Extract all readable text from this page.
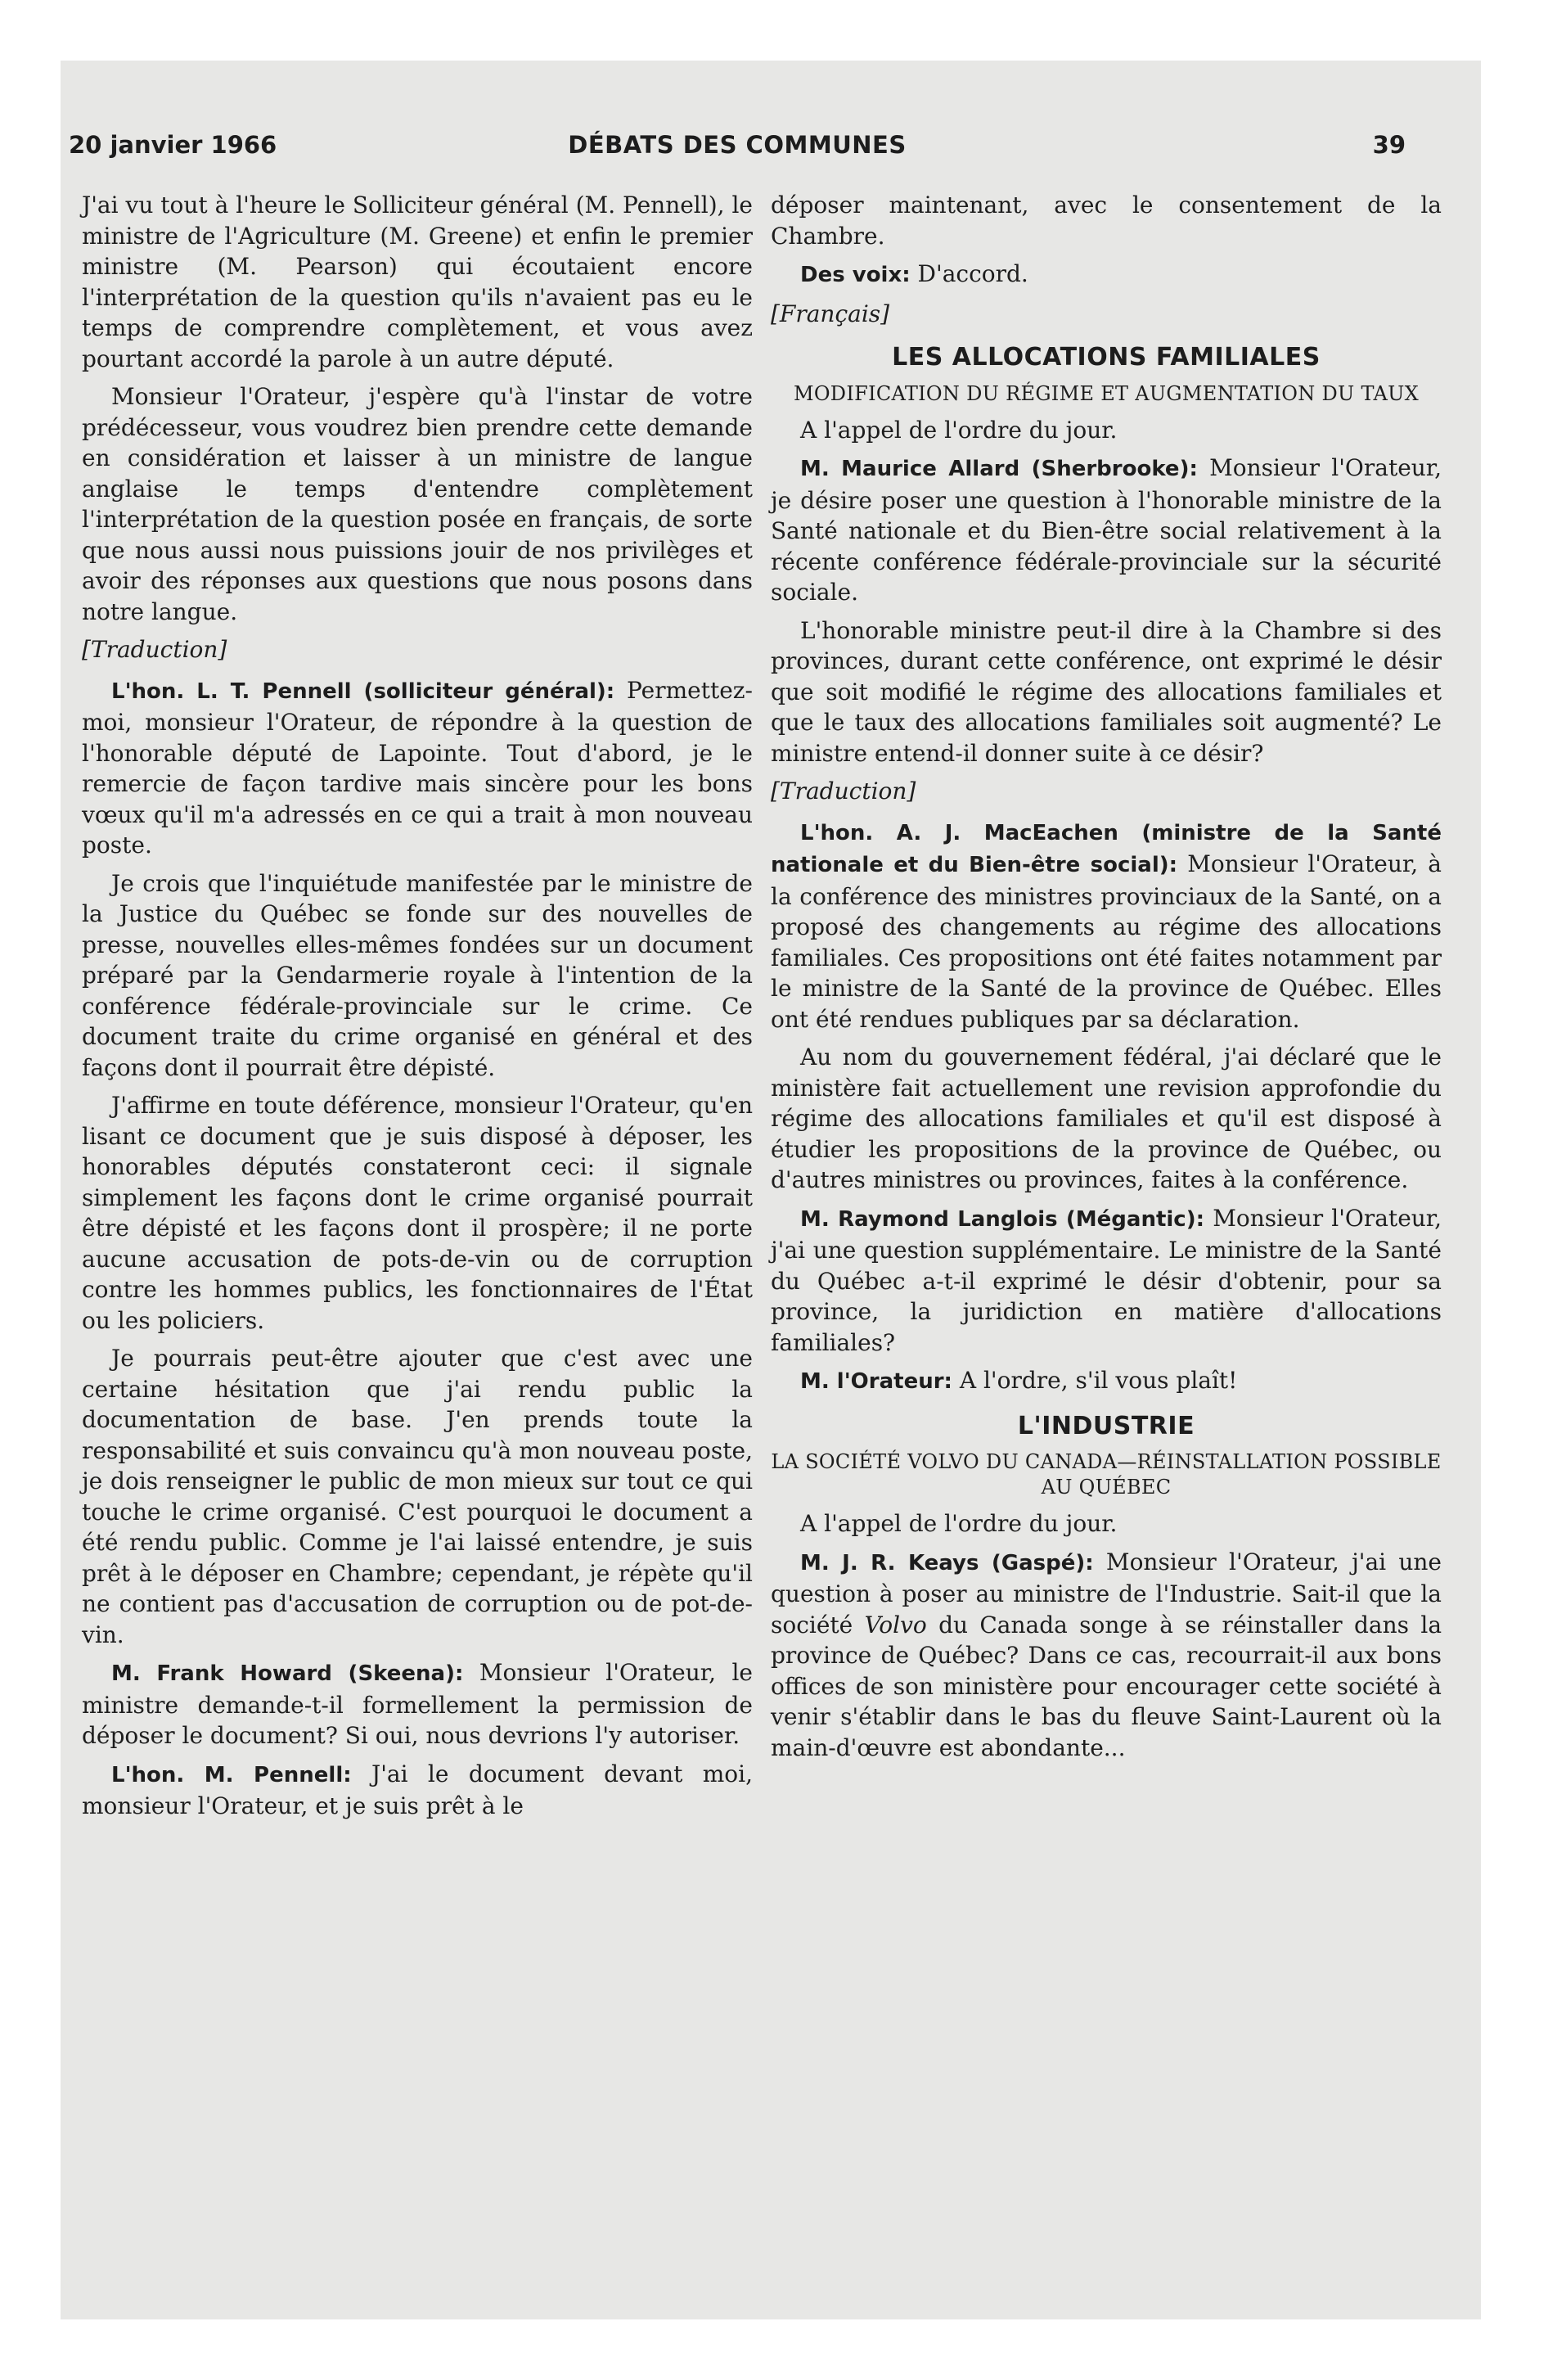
20 janvier 1966	DÉBATS DES COMMUNES	39

J'ai vu tout à l'heure le Solliciteur général (M. Pennell), le ministre de l'Agriculture (M. Greene) et enfin le premier ministre (M. Pearson) qui écoutaient encore l'interprétation de la question qu'ils n'avaient pas eu le temps de comprendre complètement, et vous avez pourtant accordé la parole à un autre député.

Monsieur l'Orateur, j'espère qu'à l'instar de votre prédécesseur, vous voudrez bien prendre cette demande en considération et laisser à un ministre de langue anglaise le temps d'entendre complètement l'interprétation de la question posée en français, de sorte que nous aussi nous puissions jouir de nos privilèges et avoir des réponses aux questions que nous posons dans notre langue.

[Traduction]

L'hon. L. T. Pennell (solliciteur général): Permettez-moi, monsieur l'Orateur, de répondre à la question de l'honorable député de Lapointe. Tout d'abord, je le remercie de façon tardive mais sincère pour les bons vœux qu'il m'a adressés en ce qui a trait à mon nouveau poste.

Je crois que l'inquiétude manifestée par le ministre de la Justice du Québec se fonde sur des nouvelles de presse, nouvelles elles-mêmes fondées sur un document préparé par la Gendarmerie royale à l'intention de la conférence fédérale-provinciale sur le crime. Ce document traite du crime organisé en général et des façons dont il pourrait être dépisté.

J'affirme en toute déférence, monsieur l'Orateur, qu'en lisant ce document que je suis disposé à déposer, les honorables députés constateront ceci: il signale simplement les façons dont le crime organisé pourrait être dépisté et les façons dont il prospère; il ne porte aucune accusation de pots-de-vin ou de corruption contre les hommes publics, les fonctionnaires de l'État ou les policiers.

Je pourrais peut-être ajouter que c'est avec une certaine hésitation que j'ai rendu public la documentation de base. J'en prends toute la responsabilité et suis convaincu qu'à mon nouveau poste, je dois renseigner le public de mon mieux sur tout ce qui touche le crime organisé. C'est pourquoi le document a été rendu public. Comme je l'ai laissé entendre, je suis prêt à le déposer en Chambre; cependant, je répète qu'il ne contient pas d'accusation de corruption ou de pot-de-vin.

M. Frank Howard (Skeena): Monsieur l'Orateur, le ministre demande-t-il formellement la permission de déposer le document? Si oui, nous devrions l'y autoriser.

L'hon. M. Pennell: J'ai le document devant moi, monsieur l'Orateur, et je suis prêt à le

déposer maintenant, avec le consentement de la Chambre.

Des voix: D'accord.

[Français]
LES ALLOCATIONS FAMILIALES
MODIFICATION DU RÉGIME ET AUGMENTATION DU TAUX

A l'appel de l'ordre du jour.

M. Maurice Allard (Sherbrooke): Monsieur l'Orateur, je désire poser une question à l'honorable ministre de la Santé nationale et du Bien-être social relativement à la récente conférence fédérale-provinciale sur la sécurité sociale.

L'honorable ministre peut-il dire à la Chambre si des provinces, durant cette conférence, ont exprimé le désir que soit modifié le régime des allocations familiales et que le taux des allocations familiales soit augmenté? Le ministre entend-il donner suite à ce désir?

[Traduction]

L'hon. A. J. MacEachen (ministre de la Santé nationale et du Bien-être social): Monsieur l'Orateur, à la conférence des ministres provinciaux de la Santé, on a proposé des changements au régime des allocations familiales. Ces propositions ont été faites notamment par le ministre de la Santé de la province de Québec. Elles ont été rendues publiques par sa déclaration.

Au nom du gouvernement fédéral, j'ai déclaré que le ministère fait actuellement une revision approfondie du régime des allocations familiales et qu'il est disposé à étudier les propositions de la province de Québec, ou d'autres ministres ou provinces, faites à la conférence.

M. Raymond Langlois (Mégantic): Monsieur l'Orateur, j'ai une question supplémentaire. Le ministre de la Santé du Québec a-t-il exprimé le désir d'obtenir, pour sa province, la juridiction en matière d'allocations familiales?

M. l'Orateur: A l'ordre, s'il vous plaît!

L'INDUSTRIE
LA SOCIÉTÉ VOLVO DU CANADA—RÉINSTALLATION POSSIBLE AU QUÉBEC

A l'appel de l'ordre du jour.

M. J. R. Keays (Gaspé): Monsieur l'Orateur, j'ai une question à poser au ministre de l'Industrie. Sait-il que la société Volvo du Canada songe à se réinstaller dans la province de Québec? Dans ce cas, recourrait-il aux bons offices de son ministère pour encourager cette société à venir s'établir dans le bas du fleuve Saint-Laurent où la main-d'œuvre est abondante...
